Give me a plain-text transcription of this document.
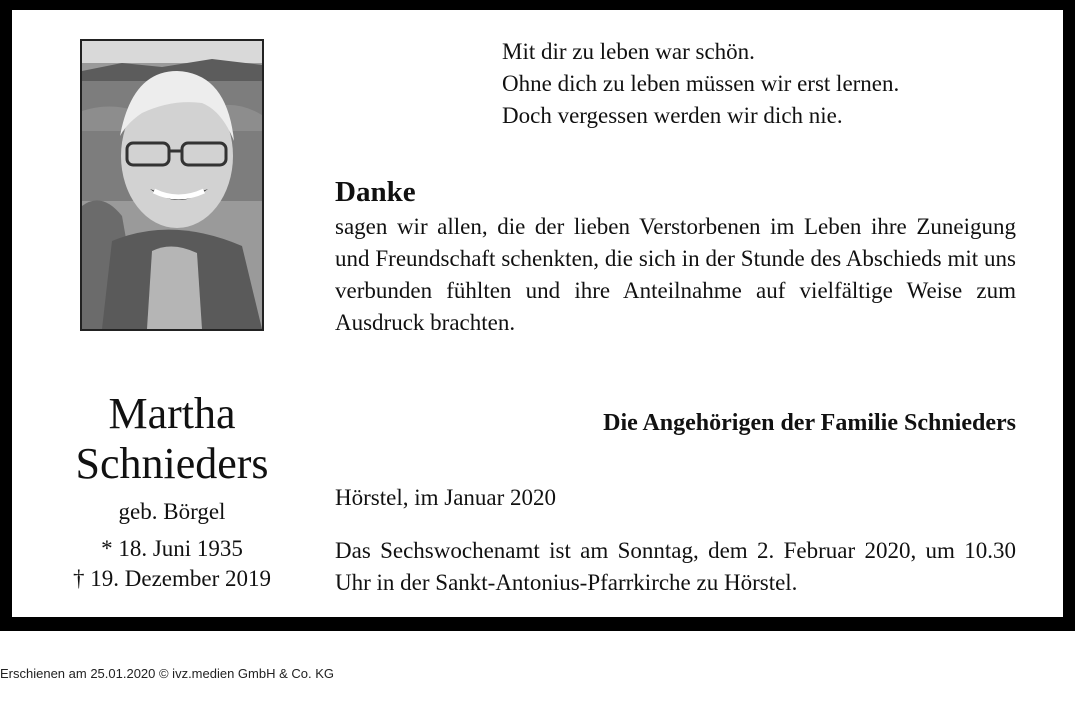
Mit dir zu leben war schön.
Ohne dich zu leben müssen wir erst lernen.
Doch vergessen werden wir dich nie.
Danke
sagen wir allen, die der lieben Verstorbenen im Leben ihre Zuneigung und Freundschaft schenkten, die sich in der Stunde des Abschieds mit uns verbunden fühlten und ihre Anteilnahme auf vielfältige Weise zum Ausdruck brachten.
Martha
Schnieders
geb. Börgel
* 18. Juni 1935
† 19. Dezember 2019
Die Angehörigen der Familie Schnieders
Hörstel, im Januar 2020
Das Sechswochenamt ist am Sonntag, dem 2. Februar 2020, um 10.30 Uhr in der Sankt-Antonius-Pfarrkirche zu Hörstel.
Erschienen am 25.01.2020 © ivz.medien GmbH & Co. KG
